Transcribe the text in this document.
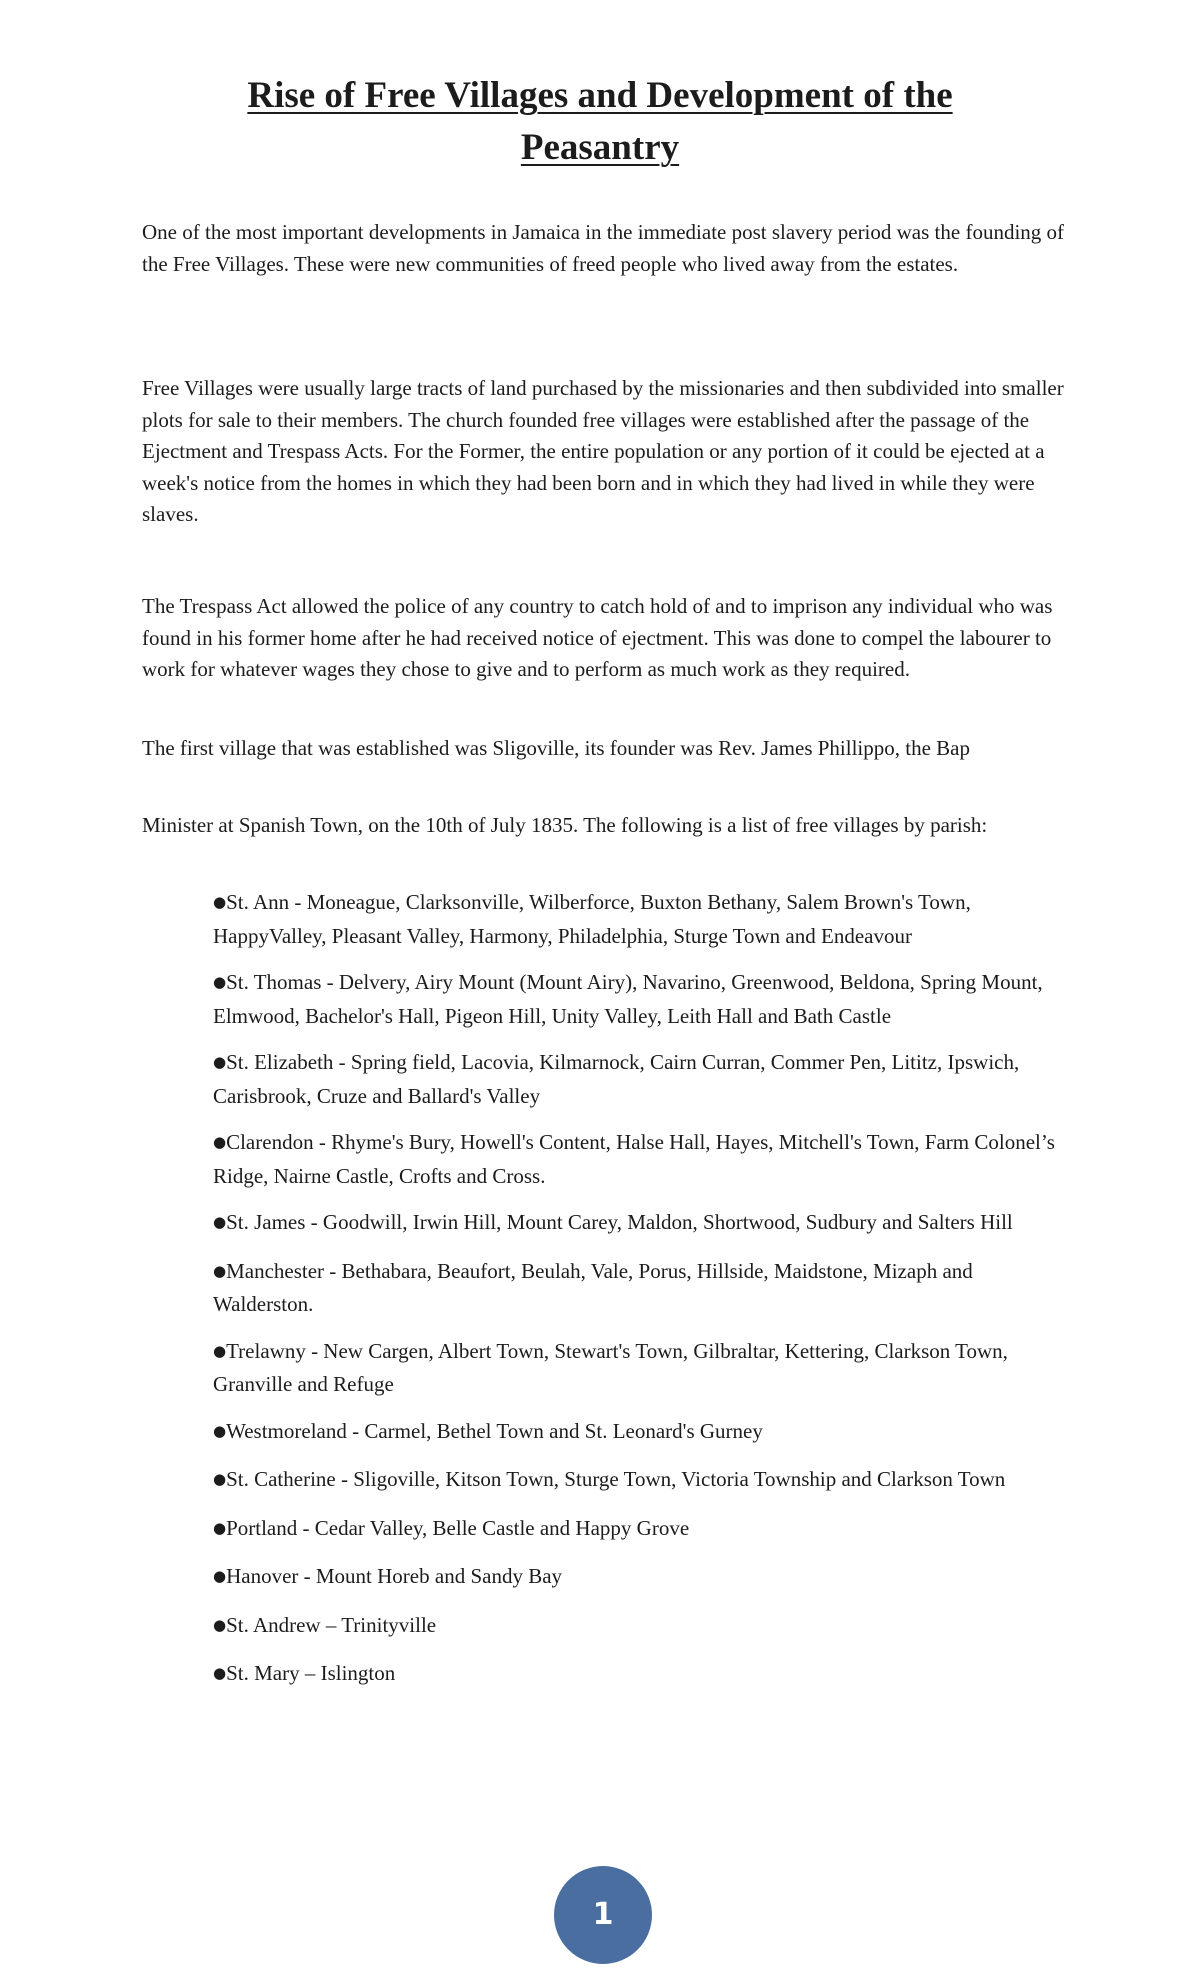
Rise of Free Villages and Development of the
Peasantry

One of the most important developments in Jamaica in the immediate post slavery period was the founding of the Free Villages. These were new communities of freed people who lived away from the estates.

Free Villages were usually large tracts of land purchased by the missionaries and then subdivided into smaller plots for sale to their members. The church founded free villages were established after the passage of the Ejectment and Trespass Acts. For the Former, the entire population or any portion of it could be ejected at a week's notice from the homes in which they had been born and in which they had lived in while they were slaves.

The Trespass Act allowed the police of any country to catch hold of and to imprison any individual who was found in his former home after he had received notice of ejectment. This was done to compel the labourer to work for whatever wages they chose to give and to perform as much work as they required.

The first village that was established was Sligoville, its founder was Rev. James Phillippo, the Bap

Minister at Spanish Town, on the 10th of July 1835. The following is a list of free villages by parish:

● St. Ann - Moneague, Clarksonville, Wilberforce, Buxton Bethany, Salem Brown's Town, HappyValley, Pleasant Valley, Harmony, Philadelphia, Sturge Town and Endeavour
● St. Thomas - Delvery, Airy Mount (Mount Airy), Navarino, Greenwood, Beldona, Spring Mount, Elmwood, Bachelor's Hall, Pigeon Hill, Unity Valley, Leith Hall and Bath Castle
● St. Elizabeth - Spring field, Lacovia, Kilmarnock, Cairn Curran, Commer Pen, Lititz, Ipswich, Carisbrook, Cruze and Ballard's Valley
● Clarendon - Rhyme's Bury, Howell's Content, Halse Hall, Hayes, Mitchell's Town, Farm Colonel’s Ridge, Nairne Castle, Crofts and Cross.
● St. James - Goodwill, Irwin Hill, Mount Carey, Maldon, Shortwood, Sudbury and Salters Hill
● Manchester - Bethabara, Beaufort, Beulah, Vale, Porus, Hillside, Maidstone, Mizaph and Walderston.
● Trelawny - New Cargen, Albert Town, Stewart's Town, Gilbraltar, Kettering, Clarkson Town, Granville and Refuge
● Westmoreland - Carmel, Bethel Town and St. Leonard's Gurney
● St. Catherine - Sligoville, Kitson Town, Sturge Town, Victoria Township and Clarkson Town
● Portland - Cedar Valley, Belle Castle and Happy Grove
● Hanover - Mount Horeb and Sandy Bay
● St. Andrew – Trinityville
● St. Mary – Islington
1
